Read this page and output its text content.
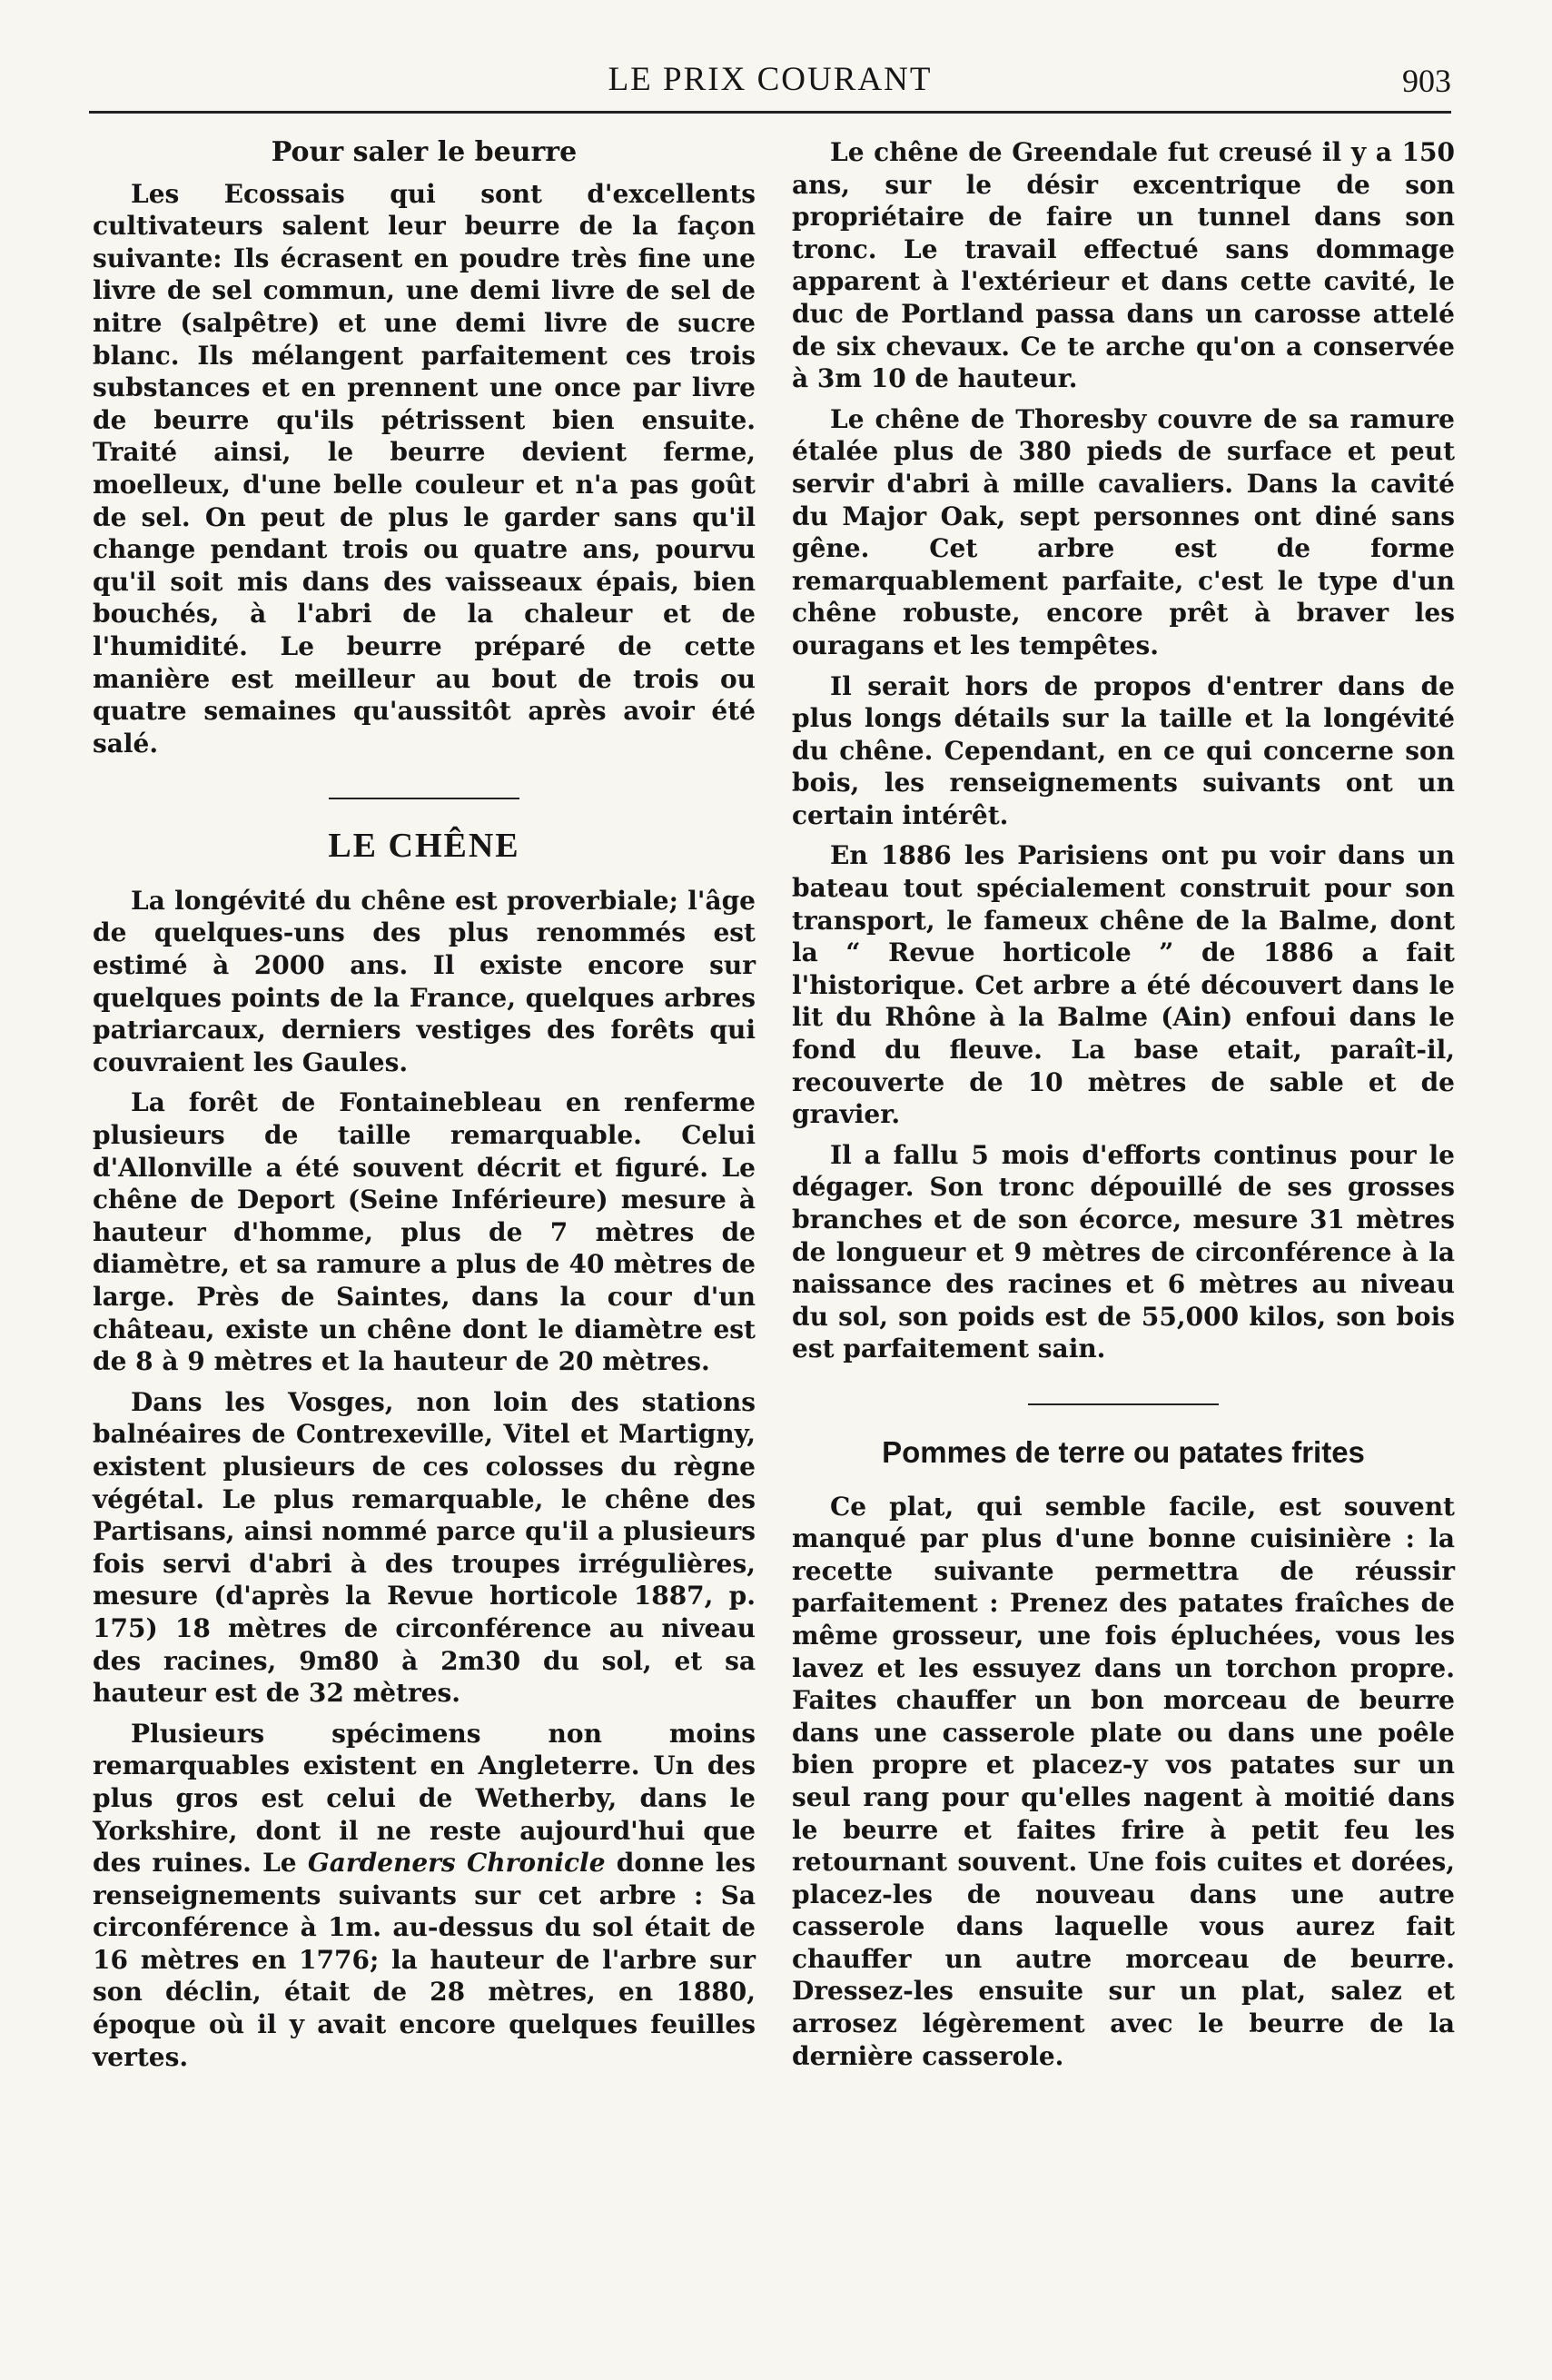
LE PRIX COURANT	903
Pour saler le beurre

Les Ecossais qui sont d'excellents cultivateurs salent leur beurre de la façon suivante: Ils écrasent en poudre très fine une livre de sel commun, une demi livre de sel de nitre (salpêtre) et une demi livre de sucre blanc. Ils mélangent parfaitement ces trois substances et en prennent une once par livre de beurre qu'ils pétrissent bien ensuite. Traité ainsi, le beurre devient ferme, moelleux, d'une belle couleur et n'a pas goût de sel. On peut de plus le garder sans qu'il change pendant trois ou quatre ans, pourvu qu'il soit mis dans des vaisseaux épais, bien bouchés, à l'abri de la chaleur et de l'humidité. Le beurre préparé de cette manière est meilleur au bout de trois ou quatre semaines qu'aussitôt après avoir été salé.

LE CHÊNE

La longévité du chêne est proverbiale; l'âge de quelques-uns des plus renommés est estimé à 2000 ans. Il existe encore sur quelques points de la France, quelques arbres patriarcaux, derniers vestiges des forêts qui couvraient les Gaules.

La forêt de Fontainebleau en renferme plusieurs de taille remarquable. Celui d'Allonville a été souvent décrit et figuré. Le chêne de Deport (Seine Inférieure) mesure à hauteur d'homme, plus de 7 mètres de diamètre, et sa ramure a plus de 40 mètres de large. Près de Saintes, dans la cour d'un château, existe un chêne dont le diamètre est de 8 à 9 mètres et la hauteur de 20 mètres.

Dans les Vosges, non loin des stations balnéaires de Contrexeville, Vitel et Martigny, existent plusieurs de ces colosses du règne végétal. Le plus remarquable, le chêne des Partisans, ainsi nommé parce qu'il a plusieurs fois servi d'abri à des troupes irrégulières, mesure (d'après la Revue horticole 1887, p. 175) 18 mètres de circonférence au niveau des racines, 9m80 à 2m30 du sol, et sa hauteur est de 32 mètres.

Plusieurs spécimens non moins remarquables existent en Angleterre. Un des plus gros est celui de Wetherby, dans le Yorkshire, dont il ne reste aujourd'hui que des ruines. Le Gardeners Chronicle donne les renseignements suivants sur cet arbre : Sa circonférence à 1m. au-dessus du sol était de 16 mètres en 1776; la hauteur de l'arbre sur son déclin, était de 28 mètres, en 1880, époque où il y avait encore quelques feuilles vertes.

Le chêne de Greendale fut creusé il y a 150 ans, sur le désir excentrique de son propriétaire de faire un tunnel dans son tronc. Le travail effectué sans dommage apparent à l'extérieur et dans cette cavité, le duc de Portland passa dans un carosse attelé de six chevaux. Ce te arche qu'on a conservée à 3m 10 de hauteur.

Le chêne de Thoresby couvre de sa ramure étalée plus de 380 pieds de surface et peut servir d'abri à mille cavaliers. Dans la cavité du Major Oak, sept personnes ont diné sans gêne. Cet arbre est de forme remarquablement parfaite, c'est le type d'un chêne robuste, encore prêt à braver les ouragans et les tempêtes.

Il serait hors de propos d'entrer dans de plus longs détails sur la taille et la longévité du chêne. Cependant, en ce qui concerne son bois, les renseignements suivants ont un certain intérêt.

En 1886 les Parisiens ont pu voir dans un bateau tout spécialement construit pour son transport, le fameux chêne de la Balme, dont la “ Revue horticole ” de 1886 a fait l'historique. Cet arbre a été découvert dans le lit du Rhône à la Balme (Ain) enfoui dans le fond du fleuve. La base etait, paraît-il, recouverte de 10 mètres de sable et de gravier.

Il a fallu 5 mois d'efforts continus pour le dégager. Son tronc dépouillé de ses grosses branches et de son écorce, mesure 31 mètres de longueur et 9 mètres de circonférence à la naissance des racines et 6 mètres au niveau du sol, son poids est de 55,000 kilos, son bois est parfaitement sain.

Pommes de terre ou patates frites

Ce plat, qui semble facile, est souvent manqué par plus d'une bonne cuisinière : la recette suivante permettra de réussir parfaitement : Prenez des patates fraîches de même grosseur, une fois épluchées, vous les lavez et les essuyez dans un torchon propre. Faites chauffer un bon morceau de beurre dans une casserole plate ou dans une poêle bien propre et placez-y vos patates sur un seul rang pour qu'elles nagent à moitié dans le beurre et faites frire à petit feu les retournant souvent. Une fois cuites et dorées, placez-les de nouveau dans une autre casserole dans laquelle vous aurez fait chauffer un autre morceau de beurre. Dressez-les ensuite sur un plat, salez et arrosez légèrement avec le beurre de la dernière casserole.
